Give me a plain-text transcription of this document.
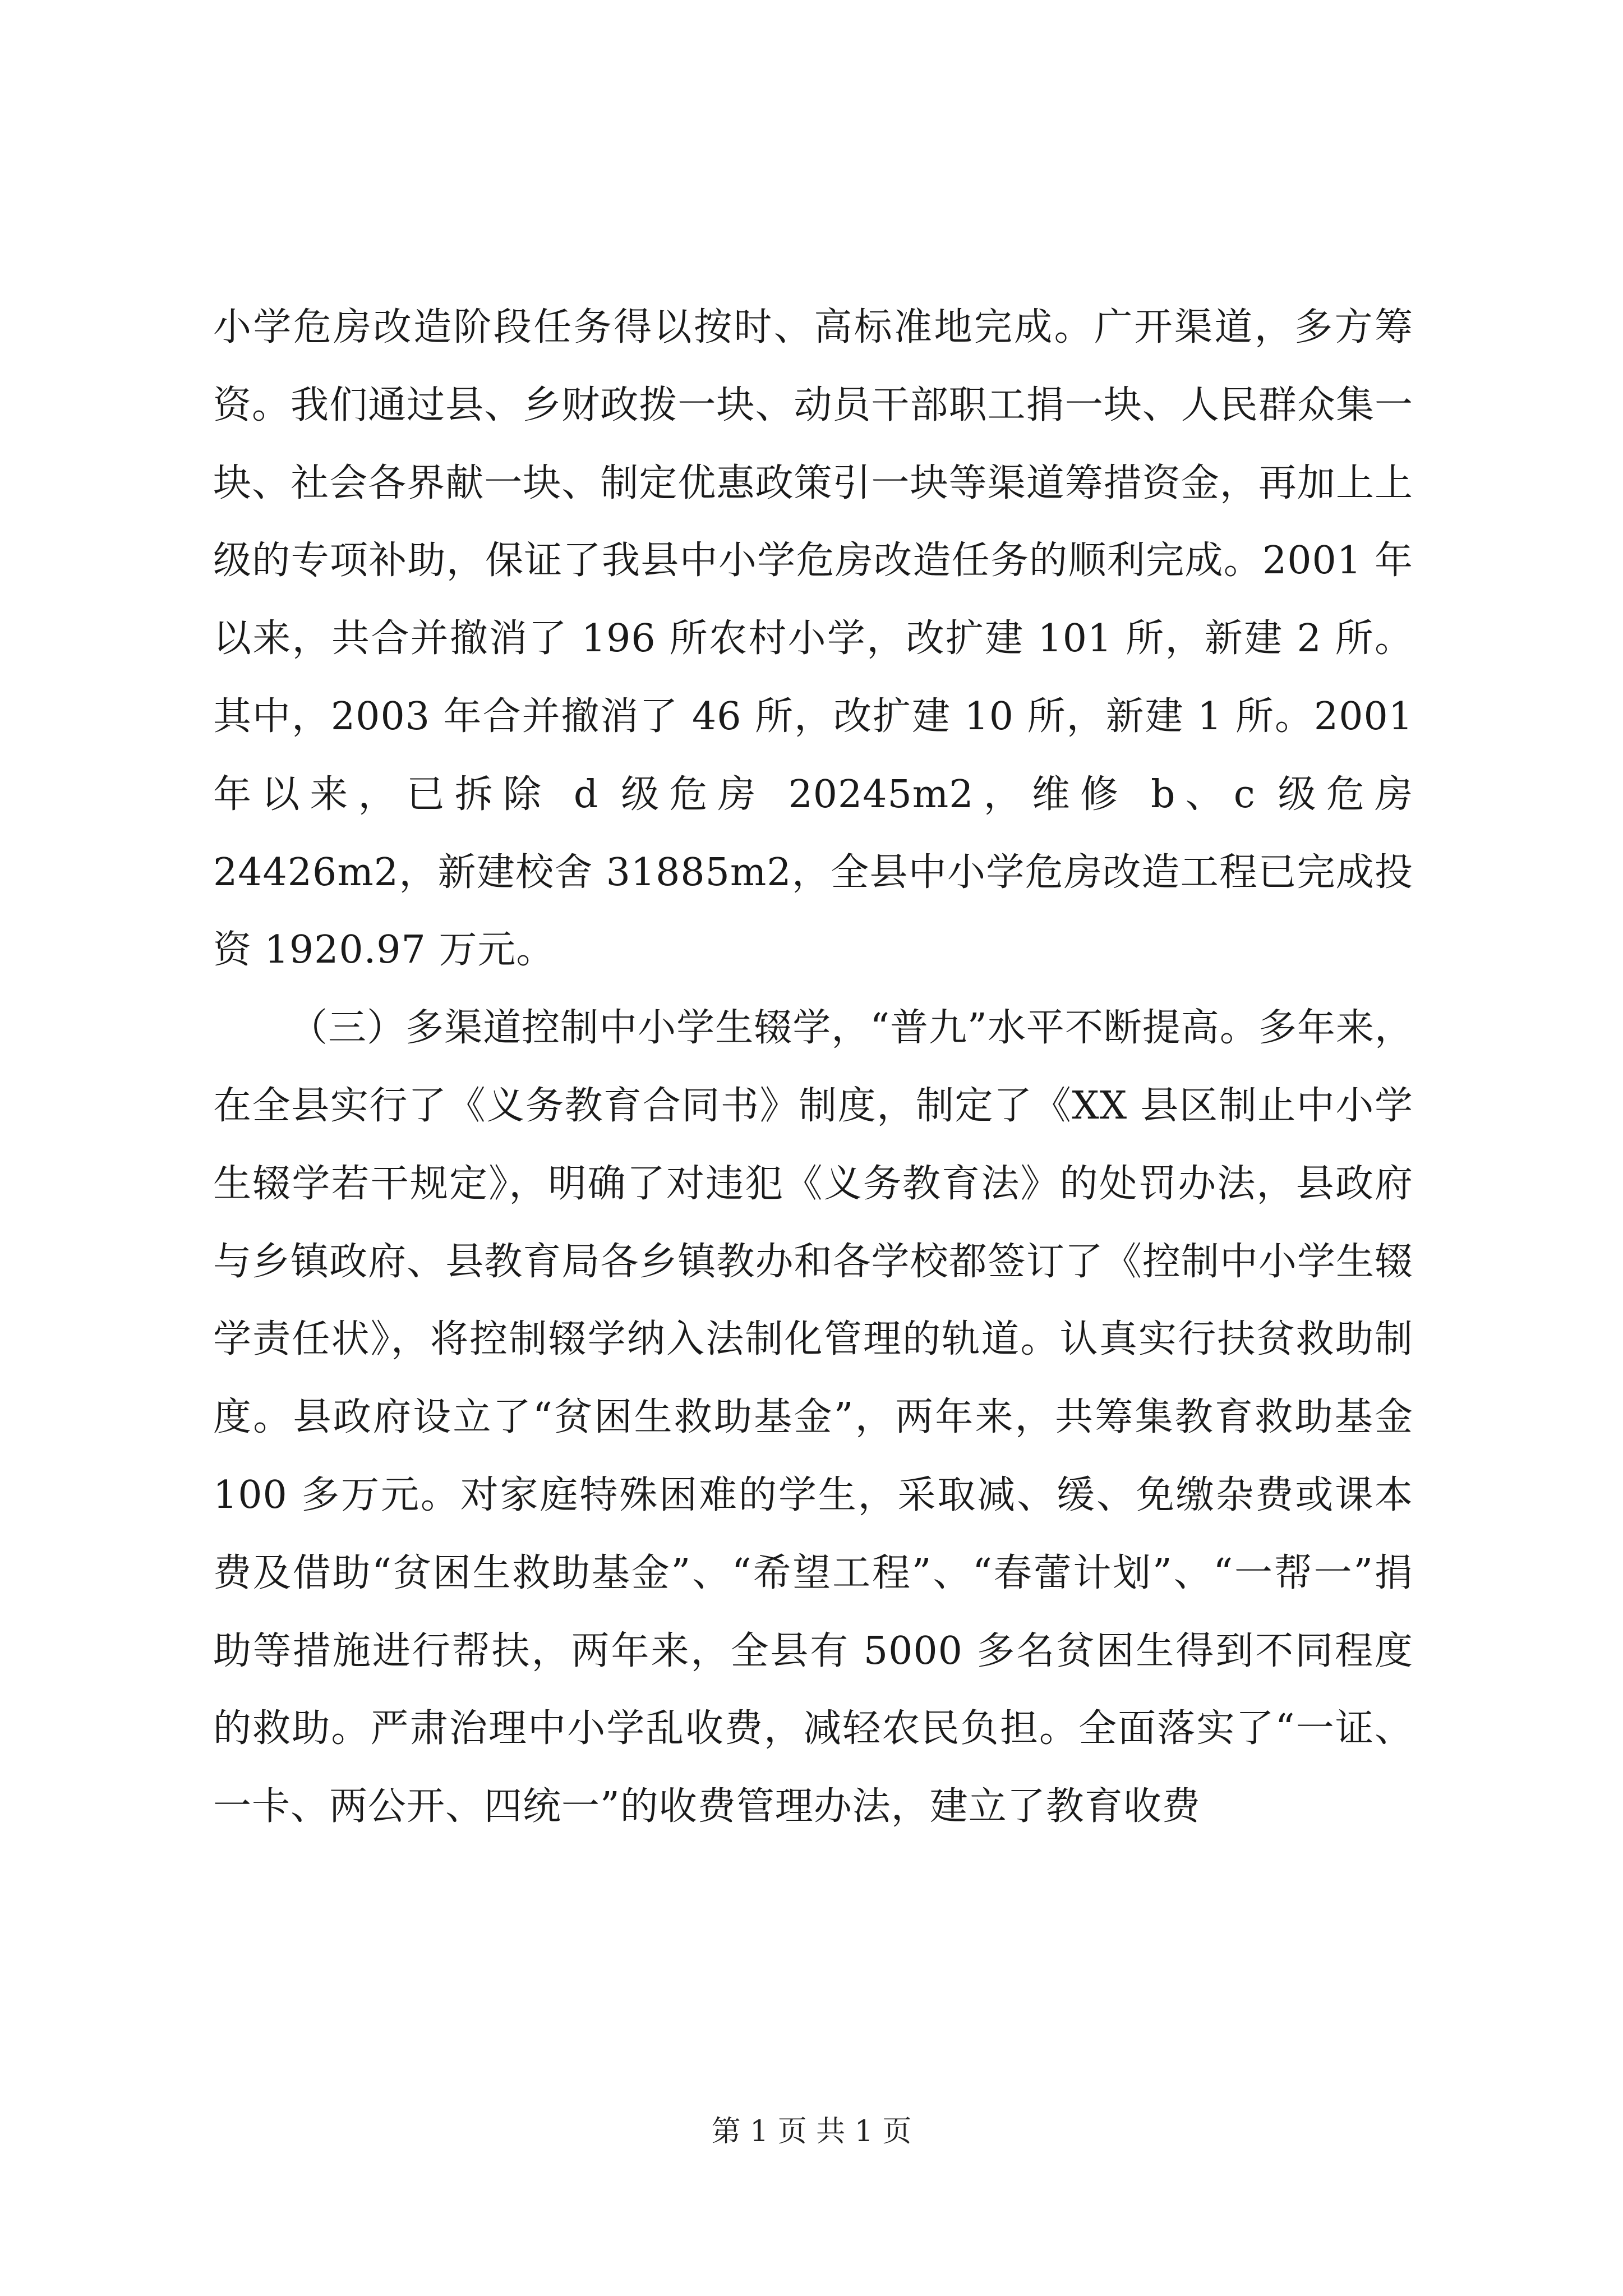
小学危房改造阶段任务得以按时、高标准地完成。广开渠道，多方筹资。我们通过县、乡财政拨一块、动员干部职工捐一块、人民群众集一块、社会各界献一块、制定优惠政策引一块等渠道筹措资金，再加上上级的专项补助，保证了我县中小学危房改造任务的顺利完成。2001 年以来，共合并撤消了 196 所农村小学，改扩建 101 所，新建 2 所。其中，2003 年合并撤消了 46 所，改扩建 10 所，新建 1 所。2001 年以来，已拆除 d 级危房 20245m2，维修 b、c 级危房 24426m2，新建校舍 31885m2，全县中小学危房改造工程已完成投资 1920.97 万元。

（三）多渠道控制中小学生辍学，“普九”水平不断提高。多年来，在全县实行了《义务教育合同书》制度，制定了《XX 县区制止中小学生辍学若干规定》，明确了对违犯《义务教育法》的处罚办法，县政府与乡镇政府、县教育局各乡镇教办和各学校都签订了《控制中小学生辍学责任状》，将控制辍学纳入法制化管理的轨道。认真实行扶贫救助制度。县政府设立了“贫困生救助基金”，两年来，共筹集教育救助基金 100 多万元。对家庭特殊困难的学生，采取减、缓、免缴杂费或课本费及借助“贫困生救助基金”、“希望工程”、“春蕾计划”、“一帮一”捐助等措施进行帮扶，两年来，全县有 5000 多名贫困生得到不同程度的救助。严肃治理中小学乱收费，减轻农民负担。全面落实了“一证、一卡、两公开、四统一”的收费管理办法，建立了教育收费

第 1 页 共 1 页
